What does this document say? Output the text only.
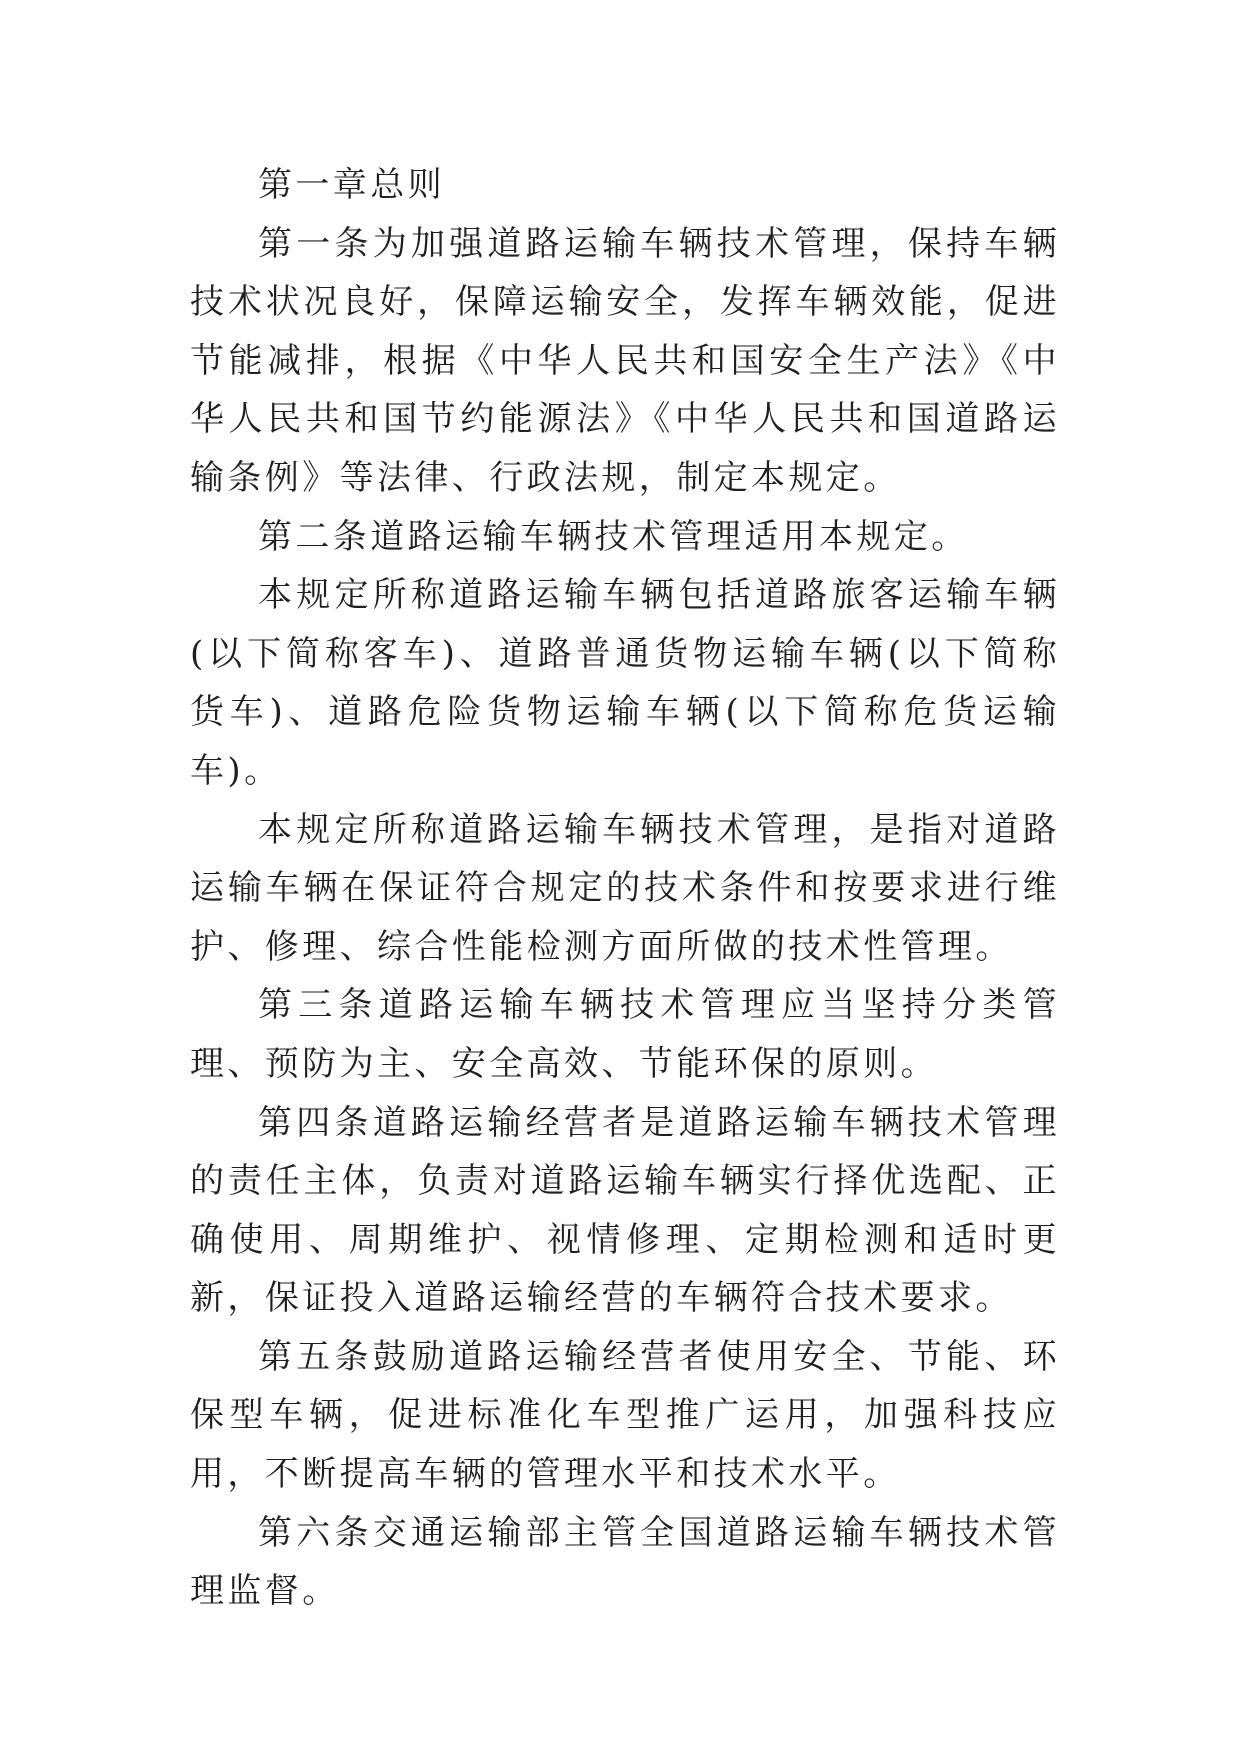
第一章总则

第一条为加强道路运输车辆技术管理，保持车辆技术状况良好，保障运输安全，发挥车辆效能，促进节能减排，根据《中华人民共和国安全生产法》《中华人民共和国节约能源法》《中华人民共和国道路运输条例》等法律、行政法规，制定本规定。

第二条道路运输车辆技术管理适用本规定。

本规定所称道路运输车辆包括道路旅客运输车辆(以下简称客车)、道路普通货物运输车辆(以下简称货车)、道路危险货物运输车辆(以下简称危货运输车)。

本规定所称道路运输车辆技术管理，是指对道路运输车辆在保证符合规定的技术条件和按要求进行维护、修理、综合性能检测方面所做的技术性管理。

第三条道路运输车辆技术管理应当坚持分类管理、预防为主、安全高效、节能环保的原则。

第四条道路运输经营者是道路运输车辆技术管理的责任主体，负责对道路运输车辆实行择优选配、正确使用、周期维护、视情修理、定期检测和适时更新，保证投入道路运输经营的车辆符合技术要求。

第五条鼓励道路运输经营者使用安全、节能、环保型车辆，促进标准化车型推广运用，加强科技应用，不断提高车辆的管理水平和技术水平。

第六条交通运输部主管全国道路运输车辆技术管理监督。
